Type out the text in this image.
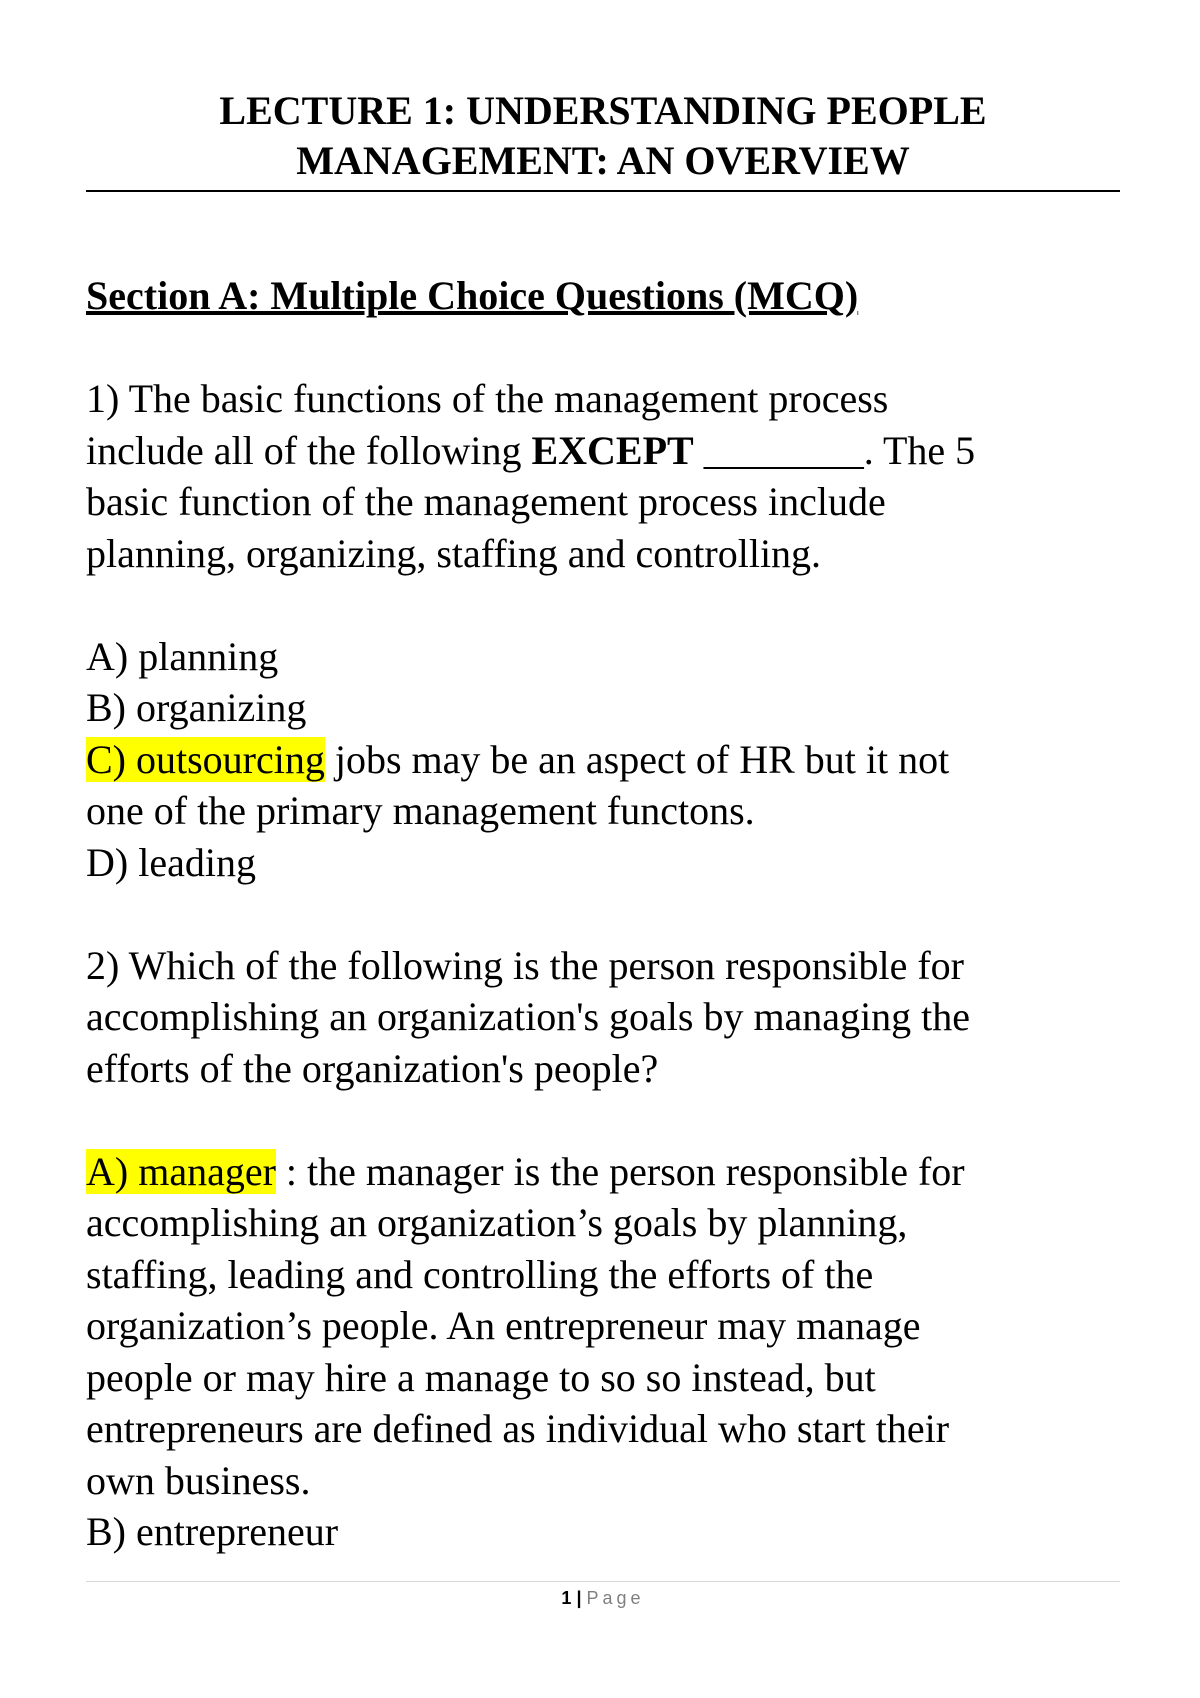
LECTURE 1: UNDERSTANDING PEOPLE
MANAGEMENT: AN OVERVIEW
Section A: Multiple Choice Questions (MCQ)
1) The basic functions of the management process
include all of the following EXCEPT ________. The 5
basic function of the management process include
planning, organizing, staffing and controlling.
A) planning
B) organizing
C) outsourcing jobs may be an aspect of HR but it not
one of the primary management functons.
D) leading
2) Which of the following is the person responsible for
accomplishing an organization's goals by managing the
efforts of the organization's people?
A) manager : the manager is the person responsible for
accomplishing an organization’s goals by planning,
staffing, leading and controlling the efforts of the
organization’s people. An entrepreneur may manage
people or may hire a manage to so so instead, but
entrepreneurs are defined as individual who start their
own business.
B) entrepreneur
1 | Page
